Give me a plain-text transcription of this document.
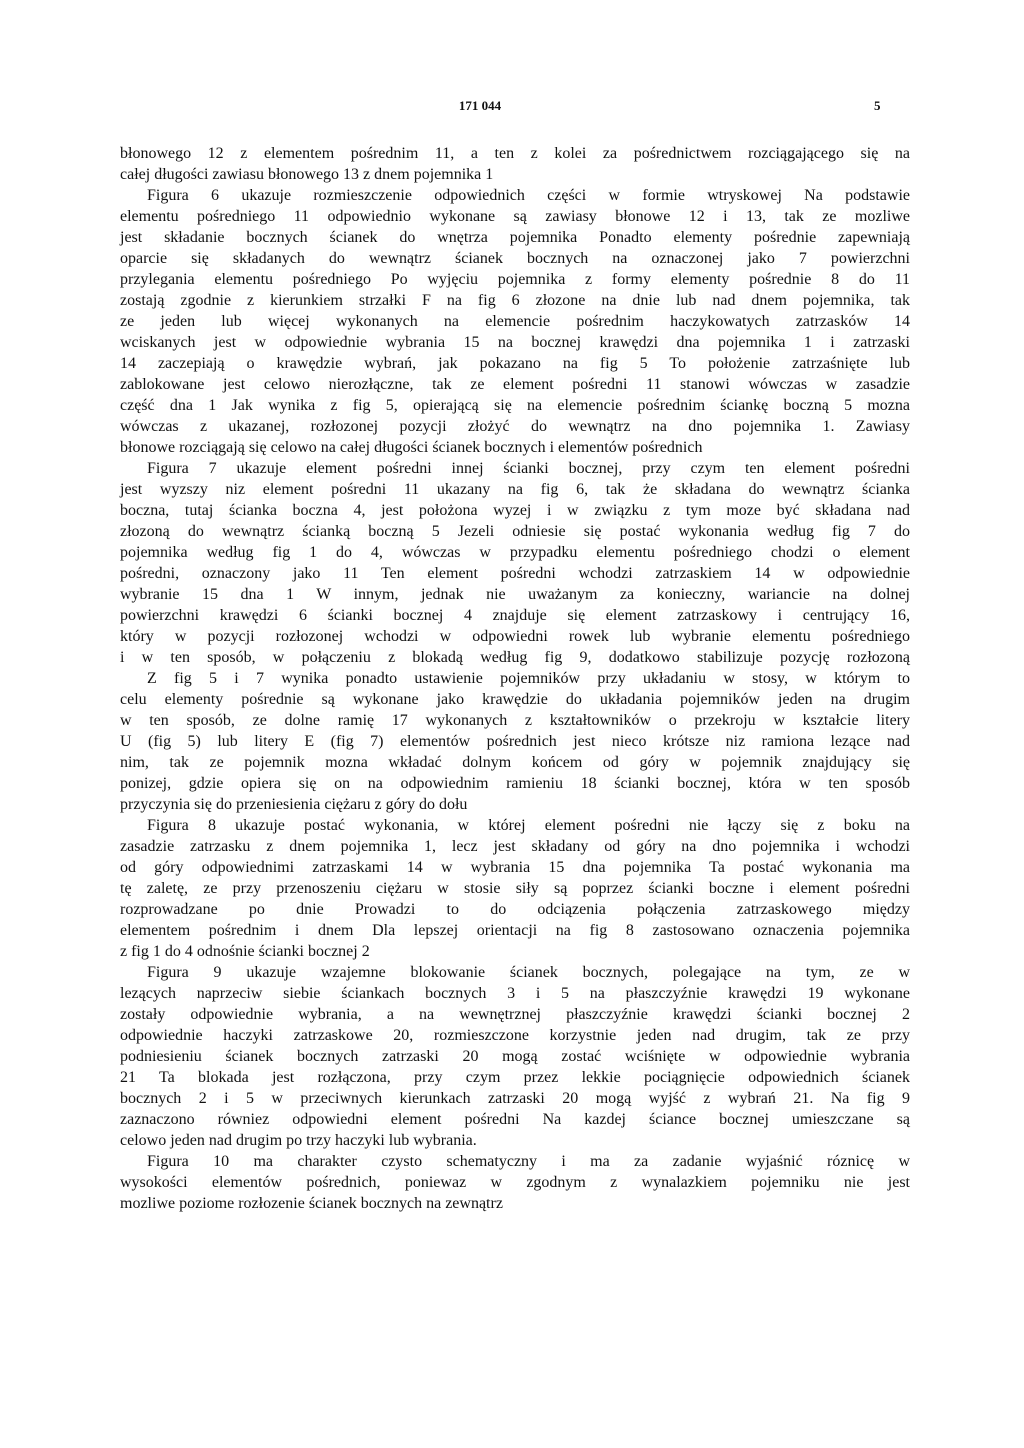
171 044	5
błonowego 12 z elementem pośrednim 11, a ten z kolei za pośrednictwem rozciągającego się na
całej długości zawiasu błonowego 13 z dnem pojemnika 1
Figura 6 ukazuje rozmieszczenie odpowiednich części w formie wtryskowej Na podstawie
elementu pośredniego 11 odpowiednio wykonane są zawiasy błonowe 12 i 13, tak ze mozliwe
jest składanie bocznych ścianek do wnętrza pojemnika Ponadto elementy pośrednie zapewniają
oparcie się składanych do wewnątrz ścianek bocznych na oznaczonej jako 7 powierzchni
przylegania elementu pośredniego Po wyjęciu pojemnika z formy elementy pośrednie 8 do 11
zostają zgodnie z kierunkiem strzałki F na fig 6 złozone na dnie lub nad dnem pojemnika, tak
ze jeden lub więcej wykonanych na elemencie pośrednim haczykowatych zatrzasków 14
wciskanych jest w odpowiednie wybrania 15 na bocznej krawędzi dna pojemnika 1 i zatrzaski
14 zaczepiają o krawędzie wybrań, jak pokazano na fig 5 To położenie zatrzaśnięte lub
zablokowane jest celowo nierozłączne, tak ze element pośredni 11 stanowi wówczas w zasadzie
część dna 1 Jak wynika z fig 5, opierającą się na elemencie pośrednim ściankę boczną 5 mozna
wówczas z ukazanej, rozłozonej pozycji złożyć do wewnątrz na dno pojemnika 1. Zawiasy
błonowe rozciągają się celowo na całej długości ścianek bocznych i elementów pośrednich
Figura 7 ukazuje element pośredni innej ścianki bocznej, przy czym ten element pośredni
jest wyzszy niz element pośredni 11 ukazany na fig 6, tak że składana do wewnątrz ścianka
boczna, tutaj ścianka boczna 4, jest położona wyzej i w związku z tym moze być składana nad
złozoną do wewnątrz ścianką boczną 5 Jezeli odniesie się postać wykonania według fig 7 do
pojemnika według fig 1 do 4, wówczas w przypadku elementu pośredniego chodzi o element
pośredni, oznaczony jako 11 Ten element pośredni wchodzi zatrzaskiem 14 w odpowiednie
wybranie 15 dna 1 W innym, jednak nie uważanym za konieczny, wariancie na dolnej
powierzchni krawędzi 6 ścianki bocznej 4 znajduje się element zatrzaskowy i centrujący 16,
który w pozycji rozłozonej wchodzi w odpowiedni rowek lub wybranie elementu pośredniego
i w ten sposób, w połączeniu z blokadą według fig 9, dodatkowo stabilizuje pozycję rozłozoną
Z fig 5 i 7 wynika ponadto ustawienie pojemników przy układaniu w stosy, w którym to
celu elementy pośrednie są wykonane jako krawędzie do układania pojemników jeden na drugim
w ten sposób, ze dolne ramię 17 wykonanych z kształtowników o przekroju w kształcie litery
U (fig 5) lub litery E (fig 7) elementów pośrednich jest nieco krótsze niz ramiona lezące nad
nim, tak ze pojemnik mozna wkładać dolnym końcem od góry w pojemnik znajdujący się
ponizej, gdzie opiera się on na odpowiednim ramieniu 18 ścianki bocznej, która w ten sposób
przyczynia się do przeniesienia ciężaru z góry do dołu
Figura 8 ukazuje postać wykonania, w której element pośredni nie łączy się z boku na
zasadzie zatrzasku z dnem pojemnika 1, lecz jest składany od góry na dno pojemnika i wchodzi
od góry odpowiednimi zatrzaskami 14 w wybrania 15 dna pojemnika Ta postać wykonania ma
tę zaletę, ze przy przenoszeniu ciężaru w stosie siły są poprzez ścianki boczne i element pośredni
rozprowadzane po dnie Prowadzi to do odciązenia połączenia zatrzaskowego między
elementem pośrednim i dnem Dla lepszej orientacji na fig 8 zastosowano oznaczenia pojemnika
z fig 1 do 4 odnośnie ścianki bocznej 2
Figura 9 ukazuje wzajemne blokowanie ścianek bocznych, polegające na tym, ze w
lezących naprzeciw siebie ściankach bocznych 3 i 5 na płaszczyźnie krawędzi 19 wykonane
zostały odpowiednie wybrania, a na wewnętrznej płaszczyźnie krawędzi ścianki bocznej 2
odpowiednie haczyki zatrzaskowe 20, rozmieszczone korzystnie jeden nad drugim, tak ze przy
podniesieniu ścianek bocznych zatrzaski 20 mogą zostać wciśnięte w odpowiednie wybrania
21 Ta blokada jest rozłączona, przy czym przez lekkie pociągnięcie odpowiednich ścianek
bocznych 2 i 5 w przeciwnych kierunkach zatrzaski 20 mogą wyjść z wybrań 21. Na fig 9
zaznaczono równiez odpowiedni element pośredni Na kazdej ściance bocznej umieszczane są
celowo jeden nad drugim po trzy haczyki lub wybrania.
Figura 10 ma charakter czysto schematyczny i ma za zadanie wyjaśnić róznicę w
wysokości elementów pośrednich, poniewaz w zgodnym z wynalazkiem pojemniku nie jest
mozliwe poziome rozłozenie ścianek bocznych na zewnątrz
